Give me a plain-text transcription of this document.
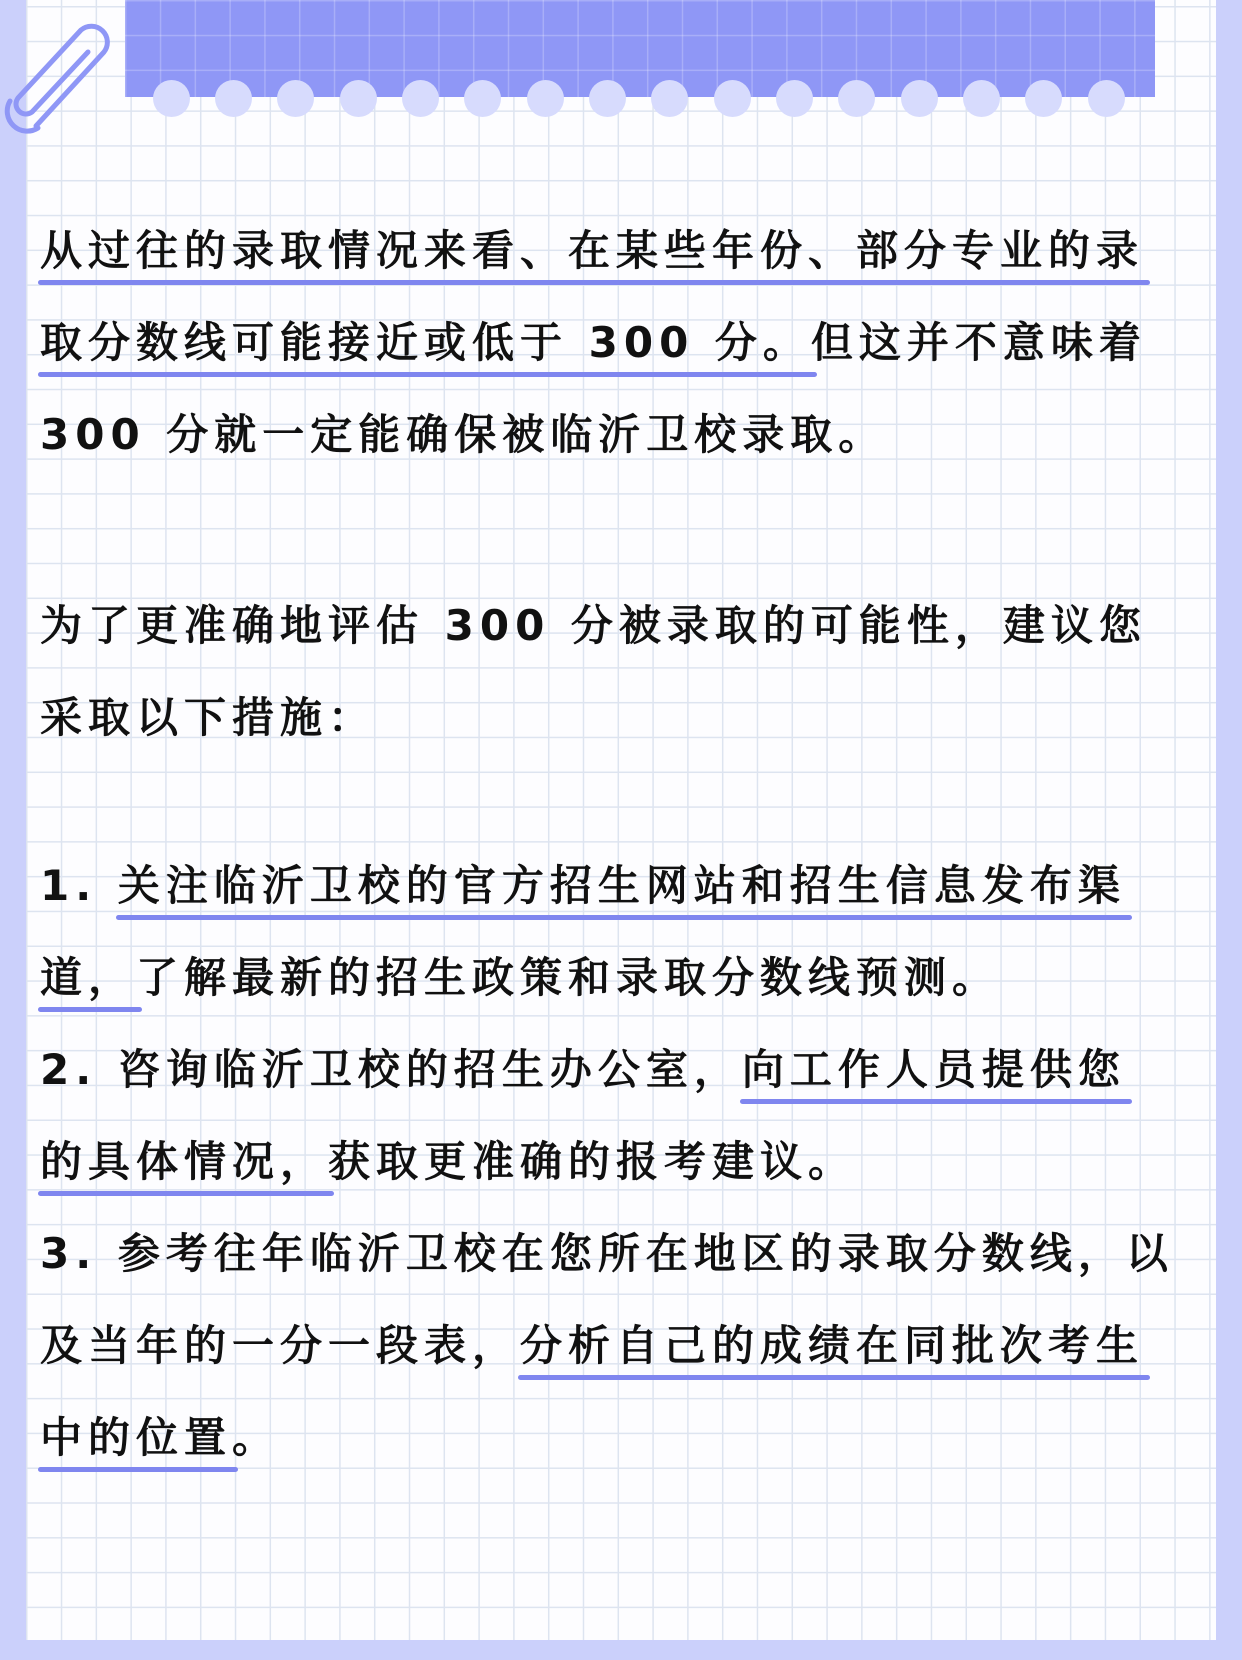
从过往的录取情况来看、在某些年份、部分专业的录
取分数线可能接近或低于 300 分。但这并不意味着
300 分就一定能确保被临沂卫校录取。
为了更准确地评估 300 分被录取的可能性，建议您
采取以下措施：
1. 关注临沂卫校的官方招生网站和招生信息发布渠
道，了解最新的招生政策和录取分数线预测。
2. 咨询临沂卫校的招生办公室，向工作人员提供您
的具体情况，获取更准确的报考建议。
3. 参考往年临沂卫校在您所在地区的录取分数线，以
及当年的一分一段表，分析自己的成绩在同批次考生
中的位置。
